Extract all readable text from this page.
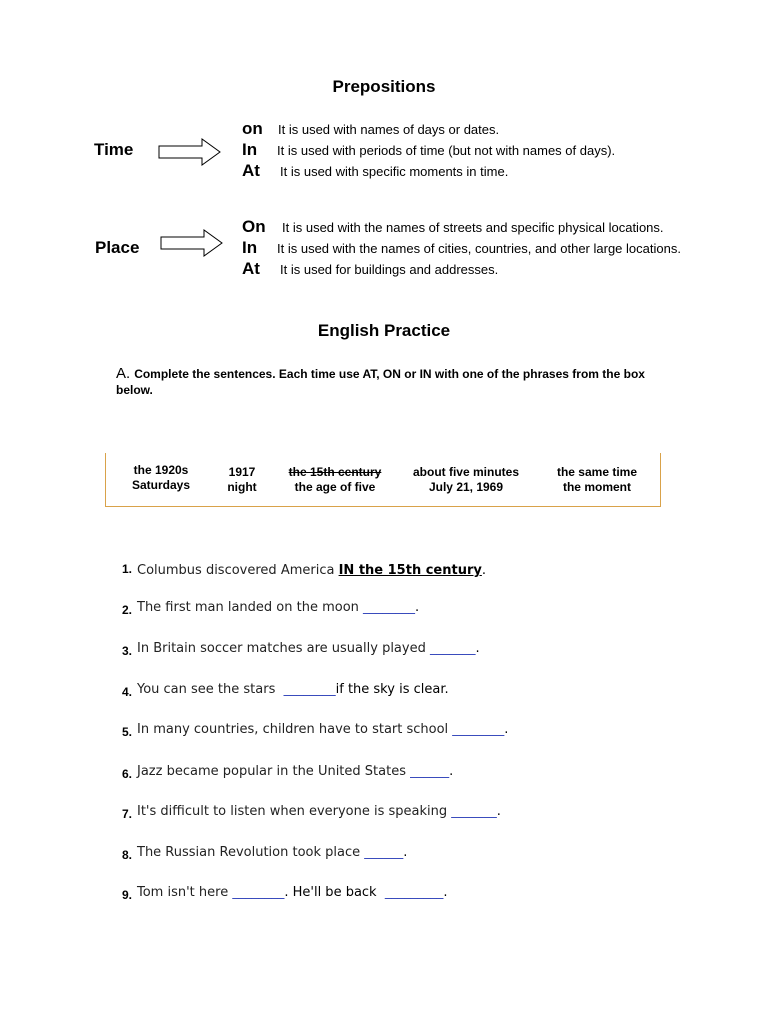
Prepositions
Time
on It is used with names of days or dates.
In It is used with periods of time (but not with names of days).
At It is used with specific moments in time.
Place
On It is used with the names of streets and specific physical locations.
In It is used with the names of cities, countries, and other large locations.
At It is used for buildings and addresses.
English Practice
A. Complete the sentences. Each time use AT, ON or IN with one of the phrases from the box below.
the 1920s
Saturdays
1917
night
the 15th century
the age of five
about five minutes
July 21, 1969
the same time
the moment
1. Columbus discovered America IN the 15th century.
2. The first man landed on the moon ________.
3. In Britain soccer matches are usually played _______.
4. You can see the stars  ________if the sky is clear.
5. In many countries, children have to start school ________.
6. Jazz became popular in the United States ______.
7. It's difficult to listen when everyone is speaking _______.
8. The Russian Revolution took place ______.
9. Tom isn't here ________. He'll be back  _________.
